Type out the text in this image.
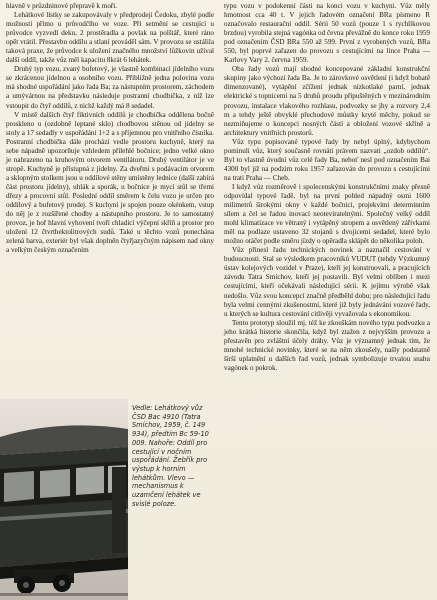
hlavně v průzdninové přepravě k moři.

Lehátkové lístky se zakupovávaly v předprodeji Čedoku, zbylé podle možností přímo u průvodčího ve voze. Při setmění se cestující u průvodce vyzvedl deku, 2 prostěradla a povlak na polštář, které ráno opět vrátil. Přestavbu oddílu a stlaní prováděl sám. V provozu se ustálila taková praxe, že průvodce k uložení značného množství lůžkovin užíval další oddíl, takže vůz měl kapacitu 8krát 6 lehátek.

Druhý typ vozu, zvaný bufetový, je vlastně kombinací jídelního vozu se zkrácenou jídelnou a osobního vozu. Přibližně jedna polovina vozu má shodné uspořádání jako řada Ba; za nástupním prostorem, záchodem a umývárnou na představku následuje postranní chodbička, z níž lze vstoupit do čtyř oddílů, z nichž každý má 8 sedadel.

V místě dalších čtyř fiktivních oddílů je chodbička oddělena bočně proskleno u (ozdobně leptané sklo) chodbovou stěnou od jídelny se stoly a 17 sedadly v uspořádání 1+2 a s příjemnou pro vnitřního čísníka. Postranní chodbička dále prochází vedle prostoru kuchyně, který na sebe nápadně upozorňuje vzhledem přilehlé bočnice; jedno velké okno je nahrazeno na kruhovým otvorem ventilátoru. Druhý ventilátor je ve stropě. Kuchyně je přístupná z jídelny. Za dveřmi s podávacím otvorem a sklopným stolkem jsou u oddílové stěny umístěny lednice (další zabírá část prostoru jídelny), uhlák a sporák, u bočnice je mycí stůl se třemi dřezy a procovní stůl. Poslední oddíl směrem k čelu vozu je určen pro oddílový a bufetový prodej. S kuchyní je spojen pouze okénkem, vstup do něj je z rozšířené chodby a nástupního prostoru. Je to samostatný provoz, je hoř hlavní vyhovení tvoří chladicí výčepní skříň a prostor pro uložení 12 čtvrthektolitrových sudů. Také u těchto vozů ponechána zelená barva, exteriér byl však doplněn čtyřjazyčným nápisem nad okny a velkým českým označením

typu vozu v podokenní části na konci vozu v kuchyni. Vůz měly hmotnost cca 40 t. V jejich řadovém označení BRa písmeno R označovalo restaurační oddíl. Sérii 50 vozů (pouze 1 s rychlíkovou brzdou) vyrobila stejná vagónka od čevna převážně do konce roku 1959 pod označením ČSD BRa 550 až 599. První z vyrobených vozů, BRa 550, byl poprvé zařazen do provozu s cestujícími na lince Praha — Karlovy Vary 2. června 1959.

Oba řady vozů mají shodné koncepované základní konstrukční skupiny jako výchozí řada Ba. Je to zárovkové osvětlení (i když bohatě dimenzované), vytápění zčížení jednak nízkotlaké parní, jednak elektrické s topnicemi na 5 druhů proudu připuštěných v mezinárodním provozu, instalace vlakového rozhlasu, podvozky se jhy a rozvory 2,4 m a tehdy ještě obvyklé přechodové můstky kryté měchy, pokud se nezmiňujeme o koncepci nosných částí a obložení vozové skříně a architektury vnitřních prostorů.

Vůz typu popisované typové řady by nebyl úplný, kdybychom pominuli vůz, který současně rovnáti právem nazvati „ozdob oddílů“. Byl to vlastně úvodní vůz celé řady Ba, neboť nesl pod označením Bai 4300 byl již na podzim roku 1957 zařazován do provozu s cestujícími na trati Praha — Cheb.

I když vůz rozměrově i spolecenskými konstrukčními znaky přesně odpovídal typové řadě, byl na první pohled nápadný osmi 1600 milimetrů širokými okny v každé bočnici, projekvími determinním sílem a čel se řadou inovací neotevíratelnými. Společný velký oddíl mohl klimatizace ve větraný i vytápěný stropem a osvětlený zářivkami měl na podlaze ustaveno 32 stojanů s dvojicemi sedadel, které bylo možno otáčet podle směru jízdy o opěradla sklápět do několika poloh.

Vůz přinesl řadu technických novinek a naznačil cestování v budoucnosti. Stal se výsledkem pracovníků VUDUT (tehdy Výzkumný ústav kolejových vozidel v Praze), kteří jej konstruovali, a pracujících závodu Tatra Smíchov, kteří jej postavili. Byl velmi oblíben i mezi cestujícími, kteří očekávali následující sérii. K jejímu výrobě však nedošlo. Vůz svou koncepcí značně předběhl dobu; pro následující řadu byla velmi cennými zkušenostmi, které již byly jednáváni vozové řady, u kterých se kultura cestování citlivěji vyvažovala s ekonomikou.

Tento prototyp sloužil mj. též ke zkouškám nového typu podvozku a jeho krátká historie skončila, když byl ztažen z nejvyšším provozu a přestavěn pro zvláštní účely dráhy. Vůz je významný jednak tím, že mnohé technické novinky, které se na něm zkoušely, našly podstatně širší uplatnění u dalších řad vozů, jednak symbolizuje trvalou snahu vagónek o pokrok.

Vedle: Lehátkový vůz ČSD Bac 4910 (Tatra Smíchov, 1959, č. 149 934), předtím Bc 59-10 009. Nahoře: Oddíl pro cestující v nočním uspořádání. Žebřík pro výstup k horním lehátkům. Vlevo — mechanismus k uzamčení lehátek ve svislé poloze.
